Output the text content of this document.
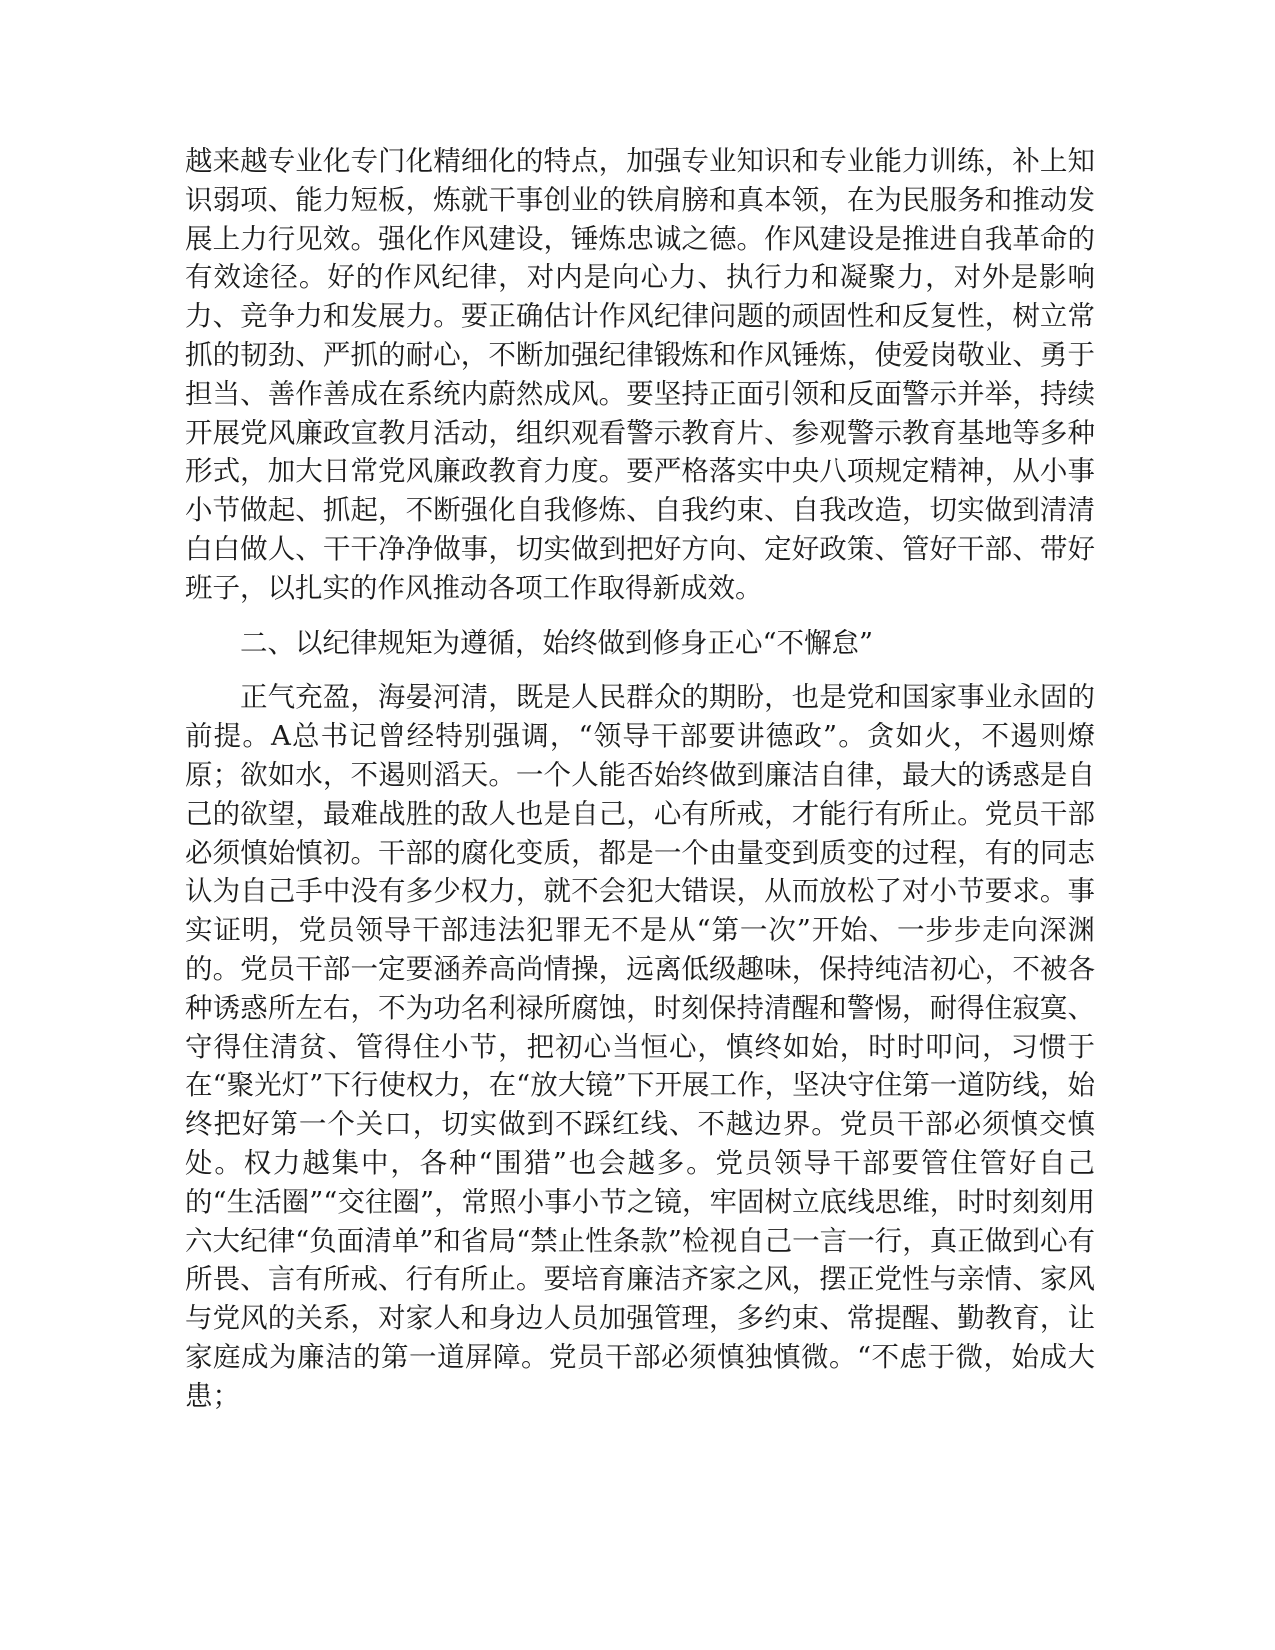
越来越专业化专门化精细化的特点，加强专业知识和专业能力训练，补上知识弱项、能力短板，炼就干事创业的铁肩膀和真本领，在为民服务和推动发展上力行见效。强化作风建设，锤炼忠诚之德。作风建设是推进自我革命的有效途径。好的作风纪律，对内是向心力、执行力和凝聚力，对外是影响力、竞争力和发展力。要正确估计作风纪律问题的顽固性和反复性，树立常抓的韧劲、严抓的耐心，不断加强纪律锻炼和作风锤炼，使爱岗敬业、勇于担当、善作善成在系统内蔚然成风。要坚持正面引领和反面警示并举，持续开展党风廉政宣教月活动，组织观看警示教育片、参观警示教育基地等多种形式，加大日常党风廉政教育力度。要严格落实中央八项规定精神，从小事小节做起、抓起，不断强化自我修炼、自我约束、自我改造，切实做到清清白白做人、干干净净做事，切实做到把好方向、定好政策、管好干部、带好班子，以扎实的作风推动各项工作取得新成效。

二、以纪律规矩为遵循，始终做到修身正心“不懈怠”

正气充盈，海晏河清，既是人民群众的期盼，也是党和国家事业永固的前提。A总书记曾经特别强调，“领导干部要讲德政”。贪如火，不遏则燎原；欲如水，不遏则滔天。一个人能否始终做到廉洁自律，最大的诱惑是自己的欲望，最难战胜的敌人也是自己，心有所戒，才能行有所止。党员干部必须慎始慎初。干部的腐化变质，都是一个由量变到质变的过程，有的同志认为自己手中没有多少权力，就不会犯大错误，从而放松了对小节要求。事实证明，党员领导干部违法犯罪无不是从“第一次”开始、一步步走向深渊的。党员干部一定要涵养高尚情操，远离低级趣味，保持纯洁初心，不被各种诱惑所左右，不为功名利禄所腐蚀，时刻保持清醒和警惕，耐得住寂寞、守得住清贫、管得住小节，把初心当恒心，慎终如始，时时叩问，习惯于在“聚光灯”下行使权力，在“放大镜”下开展工作，坚决守住第一道防线，始终把好第一个关口，切实做到不踩红线、不越边界。党员干部必须慎交慎处。权力越集中，各种“围猎”也会越多。党员领导干部要管住管好自己的“生活圈”“交往圈”，常照小事小节之镜，牢固树立底线思维，时时刻刻用六大纪律“负面清单”和省局“禁止性条款”检视自己一言一行，真正做到心有所畏、言有所戒、行有所止。要培育廉洁齐家之风，摆正党性与亲情、家风与党风的关系，对家人和身边人员加强管理，多约束、常提醒、勤教育，让家庭成为廉洁的第一道屏障。党员干部必须慎独慎微。“不虑于微，始成大患；
